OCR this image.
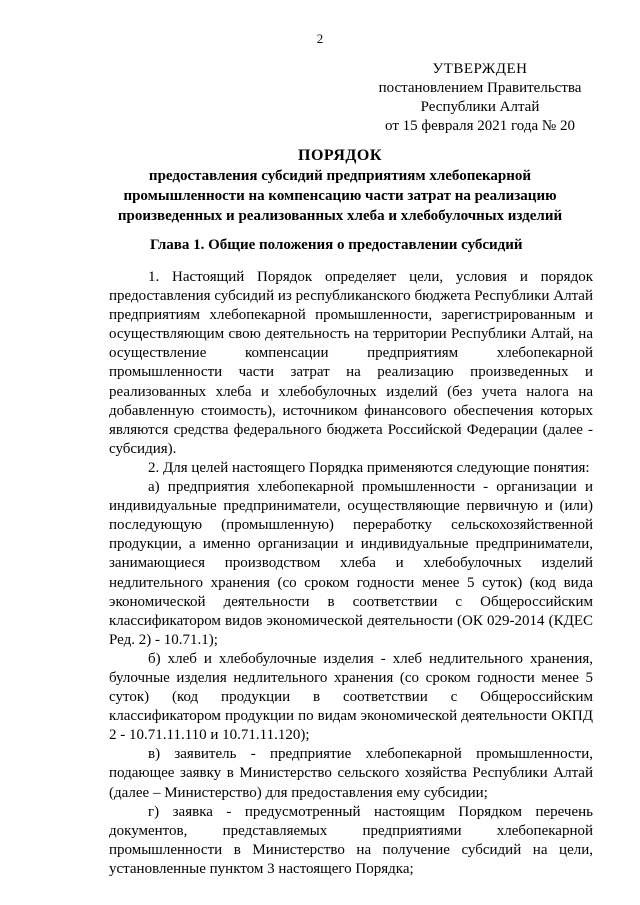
2
УТВЕРЖДЕН
постановлением Правительства
Республики Алтай
от 15 февраля 2021 года № 20
ПОРЯДОК
предоставления субсидий предприятиям хлебопекарной
промышленности на компенсацию части затрат на реализацию
произведенных и реализованных хлеба и хлебобулочных изделий
Глава 1. Общие положения о предоставлении субсидий

1. Настоящий Порядок определяет цели, условия и порядок предоставления субсидий из республиканского бюджета Республики Алтай предприятиям хлебопекарной промышленности, зарегистрированным и осуществляющим свою деятельность на территории Республики Алтай, на осуществление компенсации предприятиям хлебопекарной промышленности части затрат на реализацию произведенных и реализованных хлеба и хлебобулочных изделий (без учета налога на добавленную стоимость), источником финансового обеспечения которых являются средства федерального бюджета Российской Федерации (далее - субсидия).

2. Для целей настоящего Порядка применяются следующие понятия:

а) предприятия хлебопекарной промышленности - организации и индивидуальные предприниматели, осуществляющие первичную и (или) последующую (промышленную) переработку сельскохозяйственной продукции, а именно организации и индивидуальные предприниматели, занимающиеся производством хлеба и хлебобулочных изделий недлительного хранения (со сроком годности менее 5 суток) (код вида экономической деятельности в соответствии с Общероссийским классификатором видов экономической деятельности (ОК 029-2014 (КДЕС Ред. 2) - 10.71.1);

б) хлеб и хлебобулочные изделия - хлеб недлительного хранения, булочные изделия недлительного хранения (со сроком годности менее 5 суток) (код продукции в соответствии с Общероссийским классификатором продукции по видам экономической деятельности ОКПД 2 - 10.71.11.110 и 10.71.11.120);

в) заявитель - предприятие хлебопекарной промышленности, подающее заявку в Министерство сельского хозяйства Республики Алтай (далее – Министерство) для предоставления ему субсидии;

г) заявка - предусмотренный настоящим Порядком перечень документов, представляемых предприятиями хлебопекарной промышленности в Министерство на получение субсидий на цели, установленные пунктом 3 настоящего Порядка;
